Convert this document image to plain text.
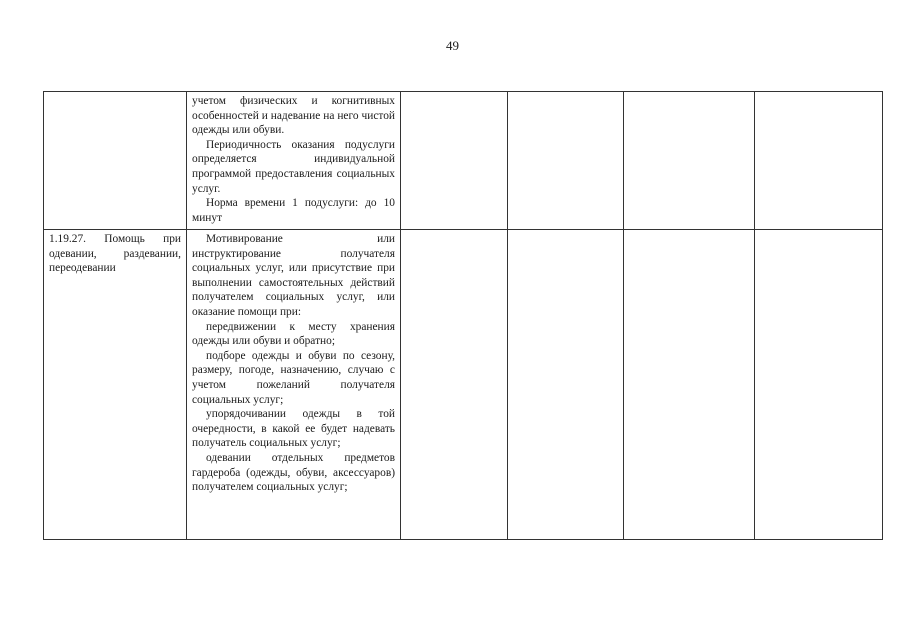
49

	учетом физических и когнитивных особенностей и надевание на него чистой одежды или обуви.

Периодичность оказания подуслуги определяется индивидуальной программой предоставления социальных услуг.

Норма времени 1 подуслуги: до 10 минут				

1.19.27. Помощь при одевании, раздевании, переодевании	Мотивирование или инструктирование получателя социальных услуг, или присутствие при выполнении самостоятельных действий получателем социальных услуг, или оказание помощи при:

передвижении к месту хранения одежды или обуви и обратно;

подборе одежды и обуви по сезону, размеру, погоде, назначению, случаю с учетом пожеланий получателя социальных услуг;

упорядочивании одежды в той очередности, в какой ее будет надевать получатель социальных услуг;

одевании отдельных предметов гардероба (одежды, обуви, аксессуаров) получателем социальных услуг;				
